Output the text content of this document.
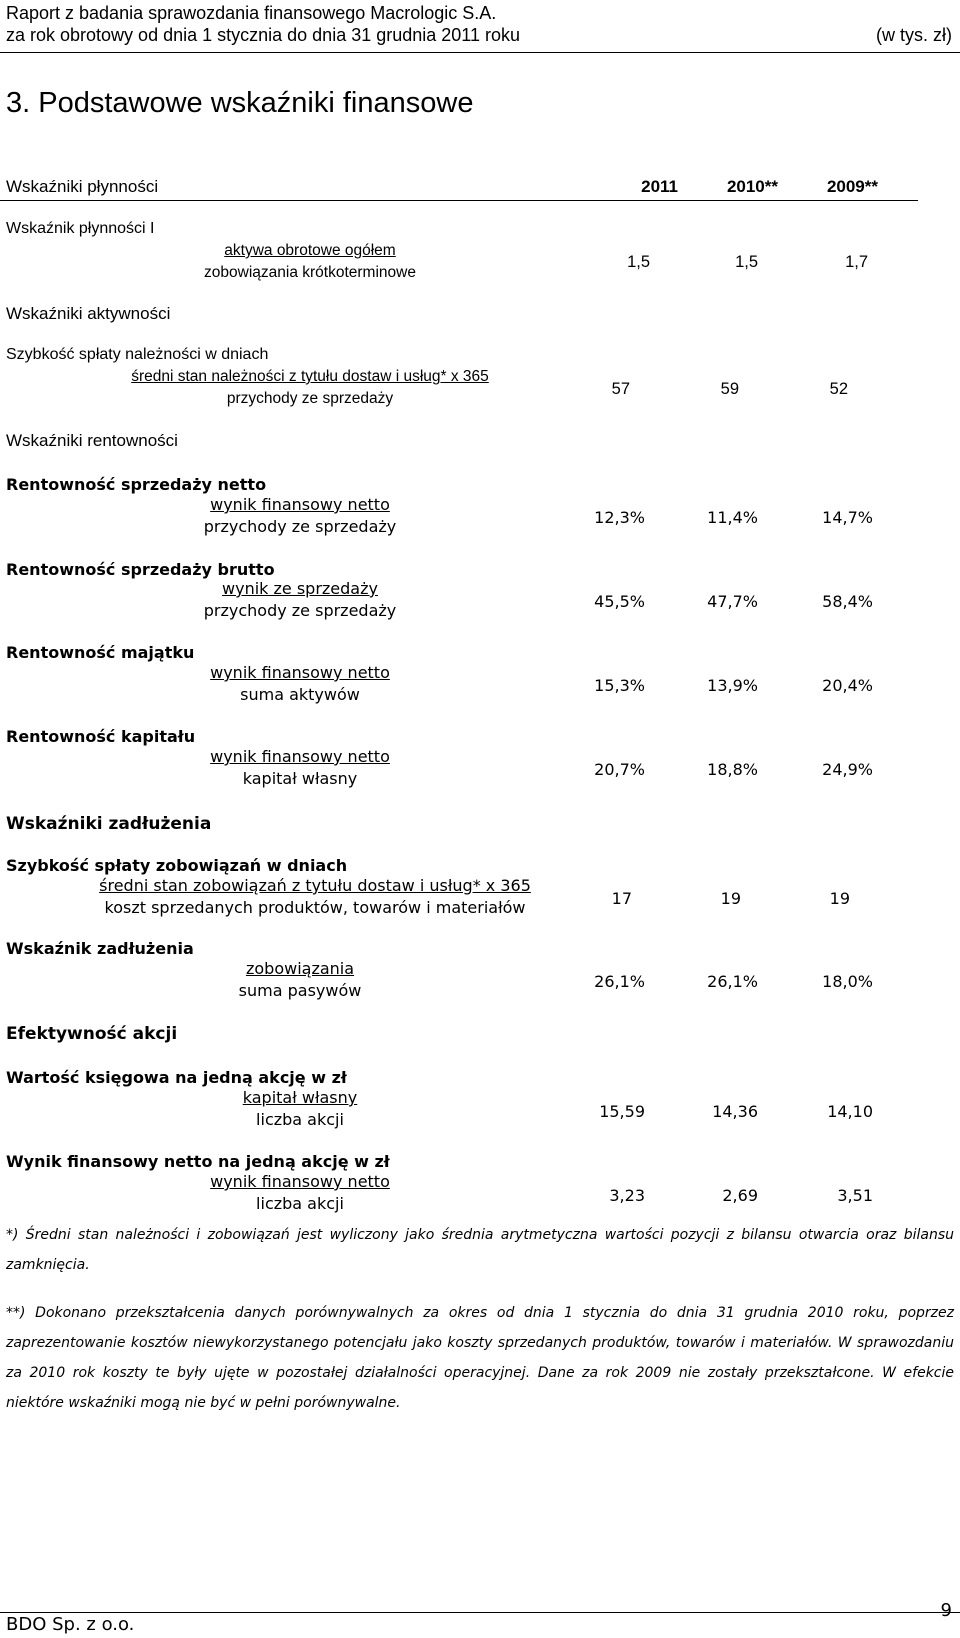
Raport z badania sprawozdania finansowego Macrologic S.A.
za rok obrotowy od dnia 1 stycznia do dnia 31 grudnia 2011 roku	(w tys. zł)
3. Podstawowe wskaźniki finansowe
Wskaźniki płynności	2011	2010**	2009**
Wskaźnik płynności I
aktywa obrotowe ogółem
zobowiązania krótkoterminowe
1,5	1,5	1,7
Wskaźniki aktywności
Szybkość spłaty należności w dniach
średni stan należności z tytułu dostaw i usług* x 365
przychody ze sprzedaży
57	59	52
Wskaźniki rentowności
Rentowność sprzedaży netto
wynik finansowy netto
przychody ze sprzedaży	12,3%	11,4%	14,7%
Rentowność sprzedaży brutto
wynik ze sprzedaży
przychody ze sprzedaży	45,5%	47,7%	58,4%
Rentowność majątku
wynik finansowy netto
suma aktywów	15,3%	13,9%	20,4%
Rentowność kapitału
wynik finansowy netto
kapitał własny	20,7%	18,8%	24,9%
Wskaźniki zadłużenia
Szybkość spłaty zobowiązań w dniach
średni stan zobowiązań z tytułu dostaw i usług* x 365
koszt sprzedanych produktów, towarów i materiałów	17	19	19
Wskaźnik zadłużenia
zobowiązania
suma pasywów	26,1%	26,1%	18,0%
Efektywność akcji
Wartość księgowa na jedną akcję w zł
kapitał własny
liczba akcji	15,59	14,36	14,10
Wynik finansowy netto na jedną akcję w zł
wynik finansowy netto
liczba akcji	3,23	2,69	3,51
*) Średni stan należności i zobowiązań jest wyliczony jako średnia arytmetyczna wartości pozycji z bilansu otwarcia oraz bilansu zamknięcia.
**) Dokonano przekształcenia danych porównywalnych za okres od dnia 1 stycznia do dnia 31 grudnia 2010 roku, poprzez zaprezentowanie kosztów niewykorzystanego potencjału jako koszty sprzedanych produktów, towarów i materiałów. W sprawozdaniu za 2010 rok koszty te były ujęte w pozostałej działalności operacyjnej. Dane za rok 2009 nie zostały przekształcone. W efekcie niektóre wskaźniki mogą nie być w pełni porównywalne.
BDO Sp. z o.o.
9
